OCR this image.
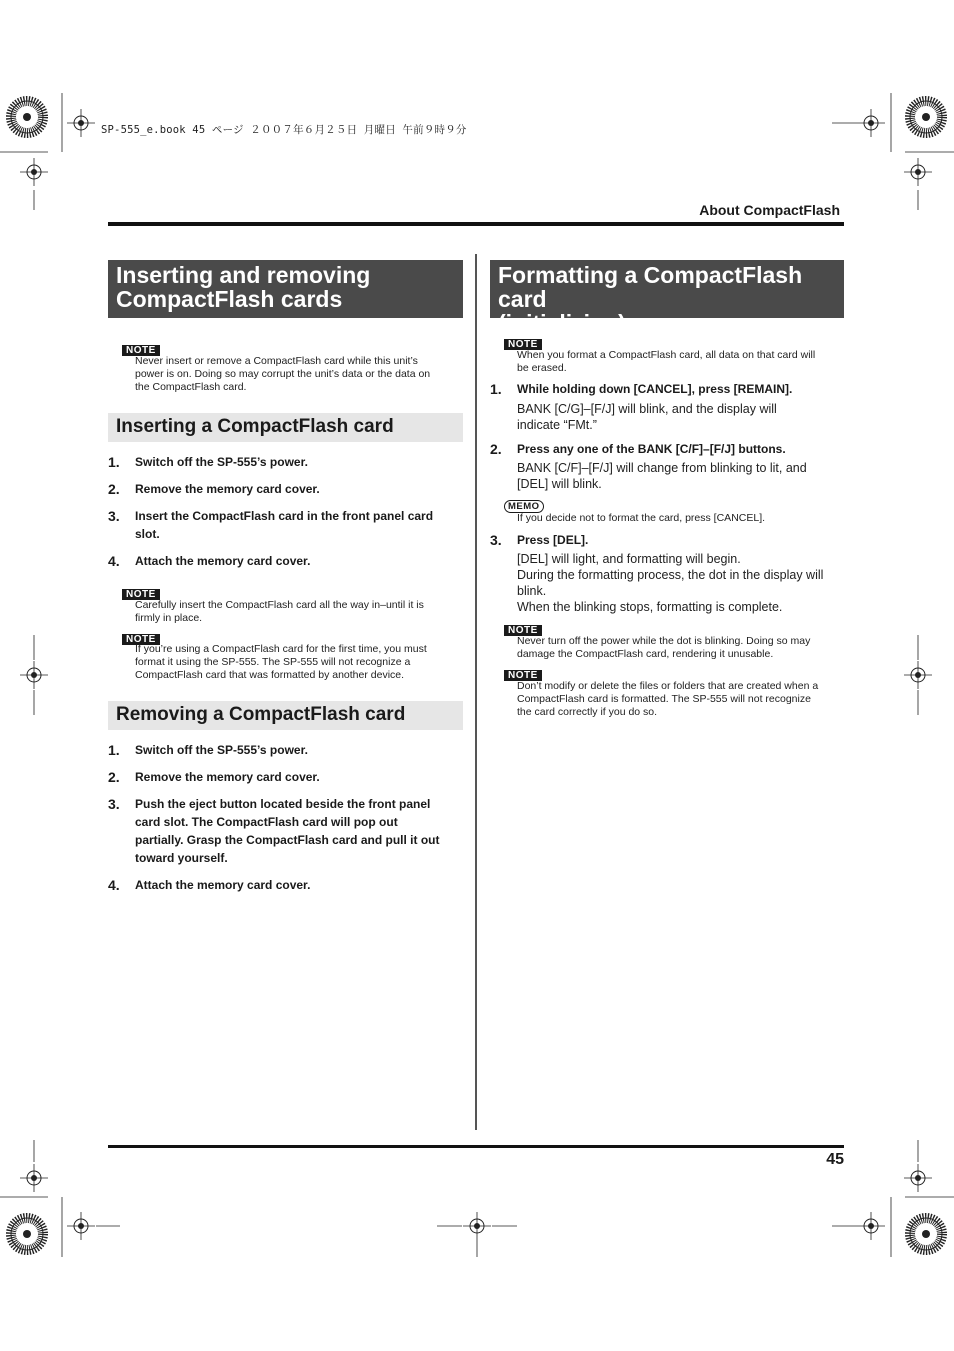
SP-555_e.book 45 ページ ２００７年６月２５日 月曜日 午前９時９分
About CompactFlash
Inserting and removing
CompactFlash cards
NOTE
Never insert or remove a CompactFlash card while this unit’s power is on. Doing so may corrupt the unit’s data or the data on the CompactFlash card.
Inserting a CompactFlash card
1.	Switch off the SP-555’s power.
2.	Remove the memory card cover.
3.	Insert the CompactFlash card in the front panel card slot.
4.	Attach the memory card cover.
NOTE
Carefully insert the CompactFlash card all the way in–until it is firmly in place.
NOTE
If you’re using a CompactFlash card for the first time, you must format it using the SP-555. The SP-555 will not recognize a CompactFlash card that was formatted by another device.
Removing a CompactFlash card
1.	Switch off the SP-555’s power.
2.	Remove the memory card cover.
3.	Push the eject button located beside the front panel card slot. The CompactFlash card will pop out partially. Grasp the CompactFlash card and pull it out toward yourself.
4.	Attach the memory card cover.
Formatting a CompactFlash card
(initializing)
NOTE
When you format a CompactFlash card, all data on that card will be erased.
1.	While holding down [CANCEL], press [REMAIN].
BANK [C/G]–[F/J] will blink, and the display will indicate “FMt.”
2.	Press any one of the BANK [C/F]–[F/J] buttons.
BANK [C/F]–[F/J] will change from blinking to lit, and [DEL] will blink.
MEMO
If you decide not to format the card, press [CANCEL].
3.	Press [DEL].
[DEL] will light, and formatting will begin.
During the formatting process, the dot in the display will blink.
When the blinking stops, formatting is complete.
NOTE
Never turn off the power while the dot is blinking. Doing so may damage the CompactFlash card, rendering it unusable.
NOTE
Don’t modify or delete the files or folders that are created when a CompactFlash card is formatted. The SP-555 will not recognize the card correctly if you do so.
45
